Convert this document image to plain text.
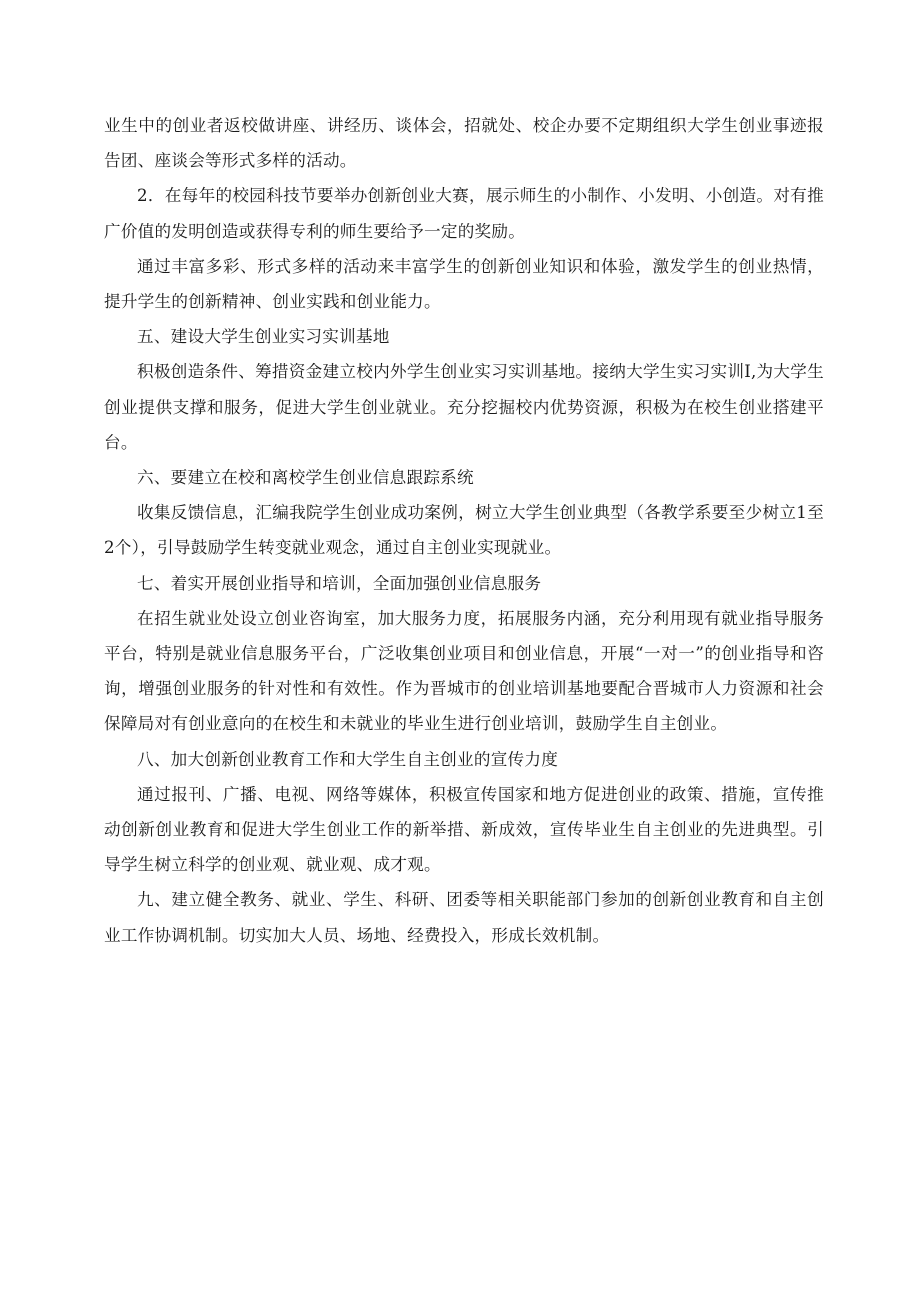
业生中的创业者返校做讲座、讲经历、谈体会，招就处、校企办要不定期组织大学生创业事迹报告团、座谈会等形式多样的活动。

2．在每年的校园科技节要举办创新创业大赛，展示师生的小制作、小发明、小创造。对有推广价值的发明创造或获得专利的师生要给予一定的奖励。

通过丰富多彩、形式多样的活动来丰富学生的创新创业知识和体验，激发学生的创业热情，提升学生的创新精神、创业实践和创业能力。

五、建设大学生创业实习实训基地

积极创造条件、筹措资金建立校内外学生创业实习实训基地。接纳大学生实习实训I,为大学生创业提供支撑和服务，促进大学生创业就业。充分挖掘校内优势资源，积极为在校生创业搭建平台。

六、要建立在校和离校学生创业信息跟踪系统

收集反馈信息，汇编我院学生创业成功案例，树立大学生创业典型（各教学系要至少树立1至2个），引导鼓励学生转变就业观念，通过自主创业实现就业。

七、着实开展创业指导和培训，全面加强创业信息服务

在招生就业处设立创业咨询室，加大服务力度，拓展服务内涵，充分利用现有就业指导服务平台，特别是就业信息服务平台，广泛收集创业项目和创业信息，开展“一对一”的创业指导和咨询，增强创业服务的针对性和有效性。作为晋城市的创业培训基地要配合晋城市人力资源和社会保障局对有创业意向的在校生和未就业的毕业生进行创业培训，鼓励学生自主创业。

八、加大创新创业教育工作和大学生自主创业的宣传力度

通过报刊、广播、电视、网络等媒体，积极宣传国家和地方促进创业的政策、措施，宣传推动创新创业教育和促进大学生创业工作的新举措、新成效，宣传毕业生自主创业的先进典型。引导学生树立科学的创业观、就业观、成才观。

九、建立健全教务、就业、学生、科研、团委等相关职能部门参加的创新创业教育和自主创业工作协调机制。切实加大人员、场地、经费投入，形成长效机制。
